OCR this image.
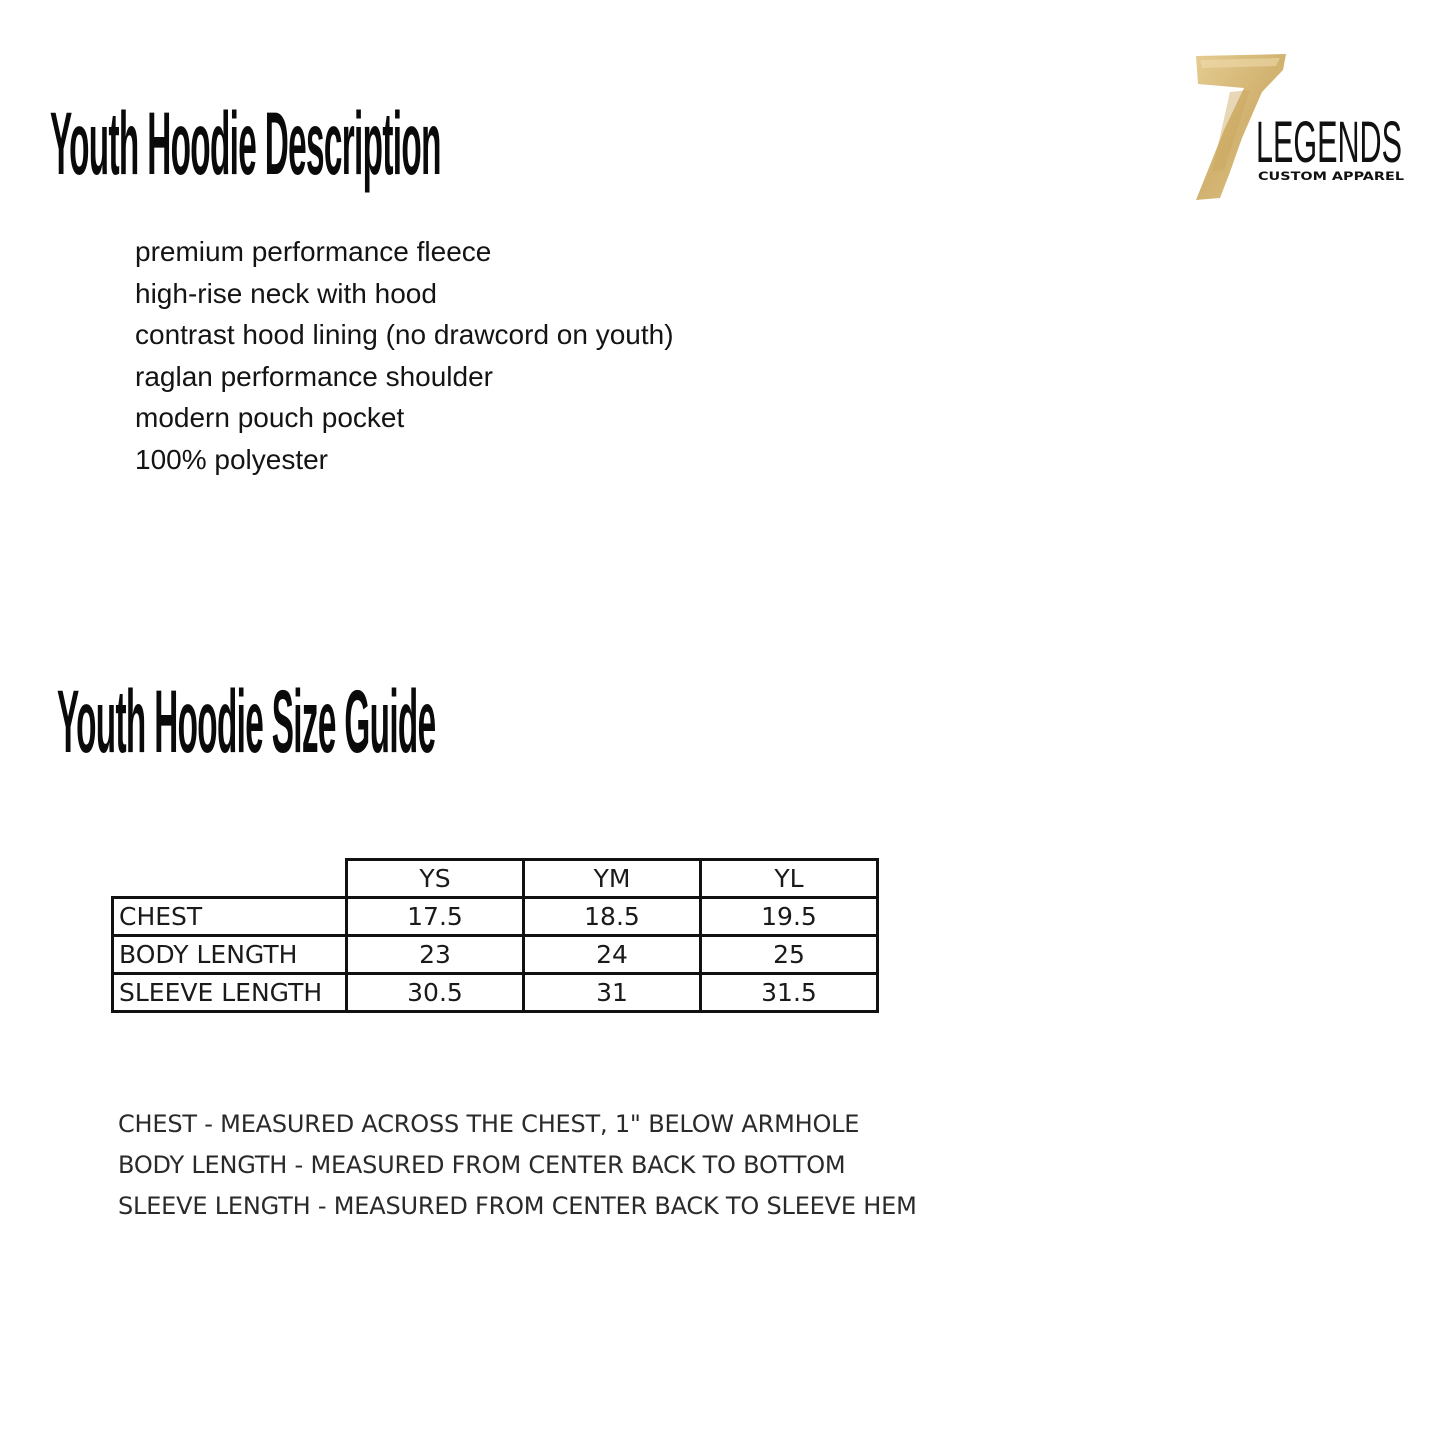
Youth Hoodie Description
premium performance fleece
high-rise neck with hood
contrast hood lining (no drawcord on youth)
raglan performance shoulder
modern pouch pocket
100% polyester
LEGENDS
CUSTOM APPAREL
Youth Hoodie Size Guide
	YS	YM	YL
CHEST	17.5	18.5	19.5
BODY LENGTH	23	24	25
SLEEVE LENGTH	30.5	31	31.5
CHEST - MEASURED ACROSS THE CHEST, 1" BELOW ARMHOLE
BODY LENGTH - MEASURED FROM CENTER BACK TO BOTTOM
SLEEVE LENGTH - MEASURED FROM CENTER BACK TO SLEEVE HEM
